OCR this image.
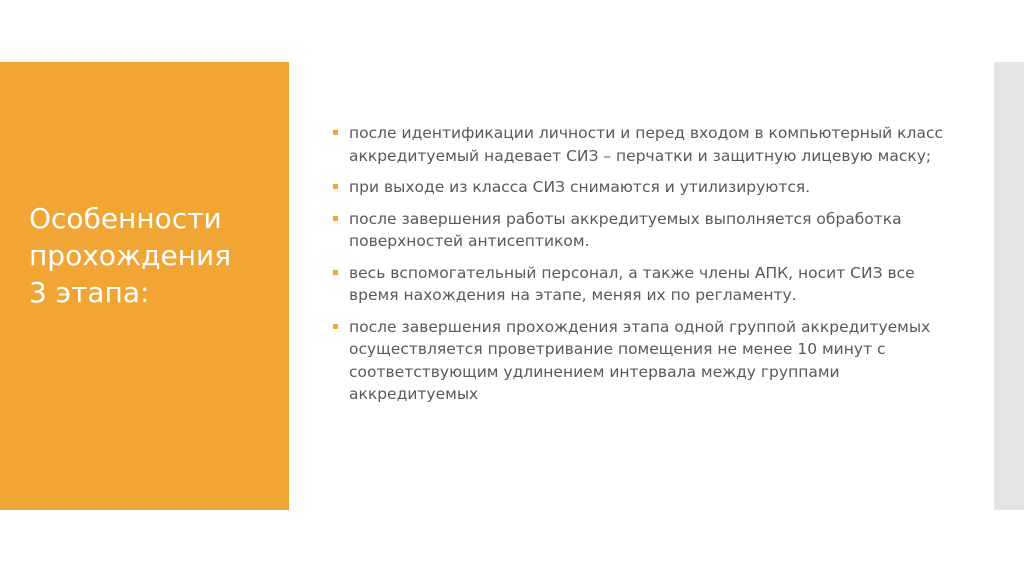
Особенности
прохождения
3 этапа:
▪ после идентификации личности и перед входом в компьютерный класс аккредитуемый надевает СИЗ – перчатки и защитную лицевую маску;
▪ при выходе из класса СИЗ снимаются и утилизируются.
▪ после завершения работы аккредитуемых выполняется обработка поверхностей антисептиком.
▪ весь вспомогательный персонал, а также члены АПК, носит СИЗ все время нахождения на этапе, меняя их по регламенту.
▪ после завершения прохождения этапа одной группой аккредитуемых осуществляется проветривание помещения не менее 10 минут с соответствующим удлинением интервала между группами аккредитуемых
